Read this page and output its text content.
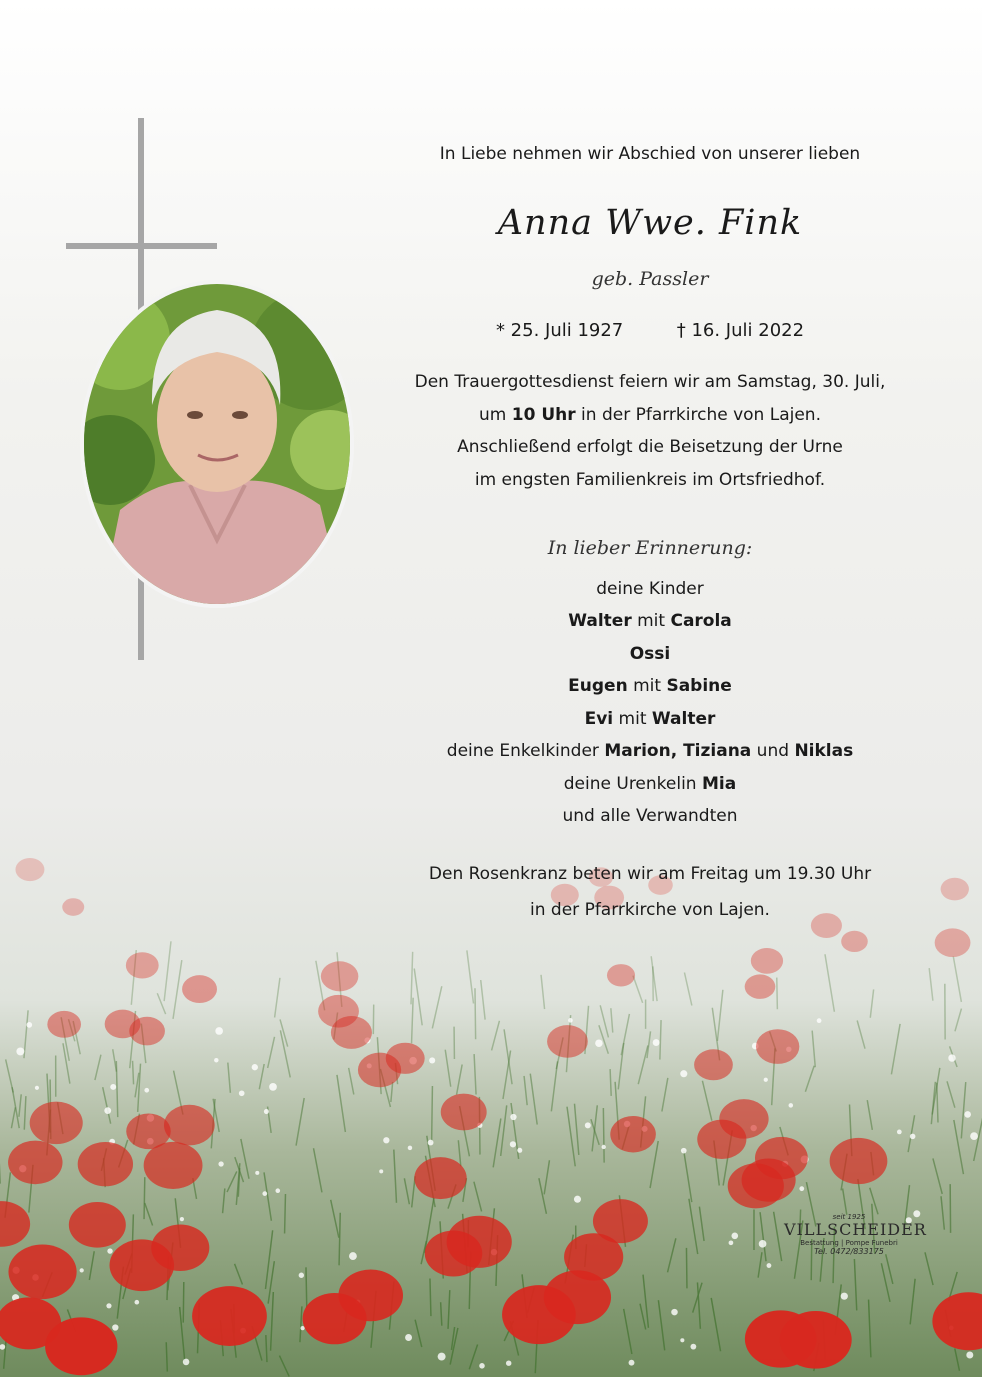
In Liebe nehmen wir Abschied von unserer lieben
Anna Wwe. Fink
geb. Passler
* 25. Juli 1927	† 16. Juli 2022
Den Trauergottesdienst feiern wir am Samstag, 30. Juli,
um 10 Uhr in der Pfarrkirche von Lajen.
Anschließend erfolgt die Beisetzung der Urne
im engsten Familienkreis im Ortsfriedhof.
In lieber Erinnerung:
deine Kinder
Walter mit Carola
Ossi
Eugen mit Sabine
Evi mit Walter
deine Enkelkinder Marion, Tiziana und Niklas
deine Urenkelin Mia
und alle Verwandten
Den Rosenkranz beten wir am Freitag um 19.30 Uhr
in der Pfarrkirche von Lajen.
seit 1925
VILLSCHEIDER
Bestattung | Pompe Funebri
Tel. 0472/833175
